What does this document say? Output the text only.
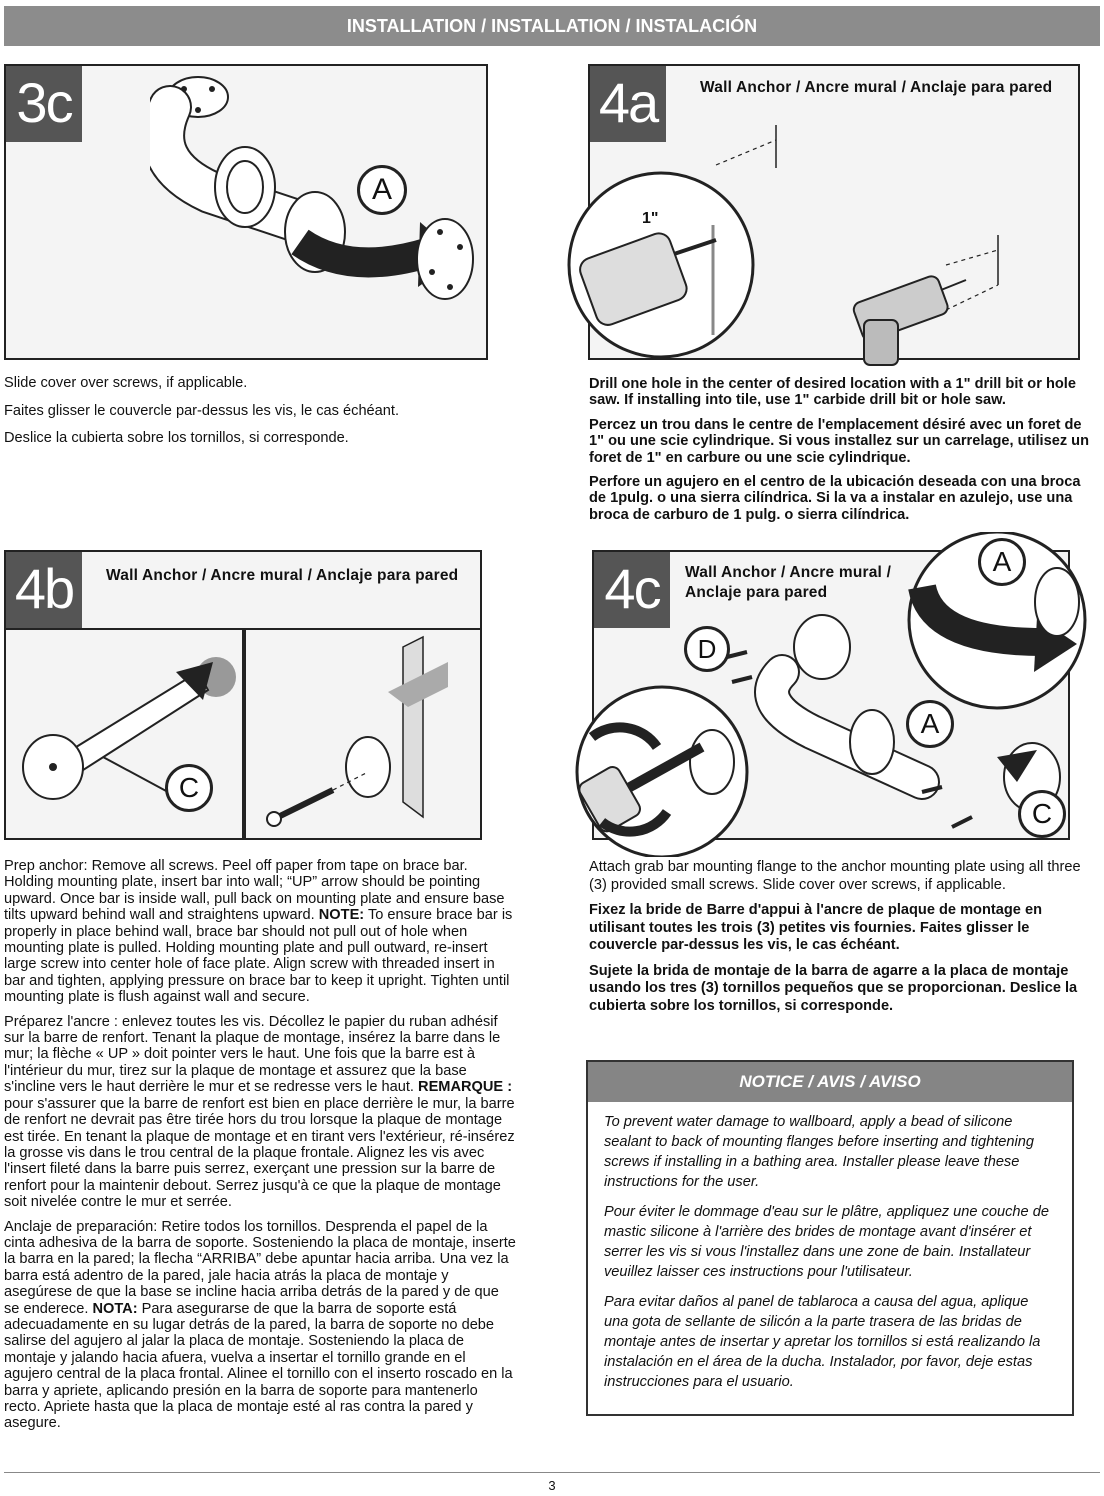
INSTALLATION / INSTALLATION / INSTALACIÓN
3c
A
Slide cover over screws, if applicable.
Faites glisser le couvercle par-dessus les vis, le cas échéant.
Deslice la cubierta sobre los tornillos, si corresponde.
4a	Wall Anchor / Ancre mural / Anclaje para pared
1"
Drill one hole in the center of desired location with a 1" drill bit or hole saw. If installing into tile, use 1" carbide drill bit or hole saw.
Percez un trou dans le centre de l'emplacement désiré avec un foret de 1" ou une scie cylindrique. Si vous installez sur un carrelage, utilisez un foret de 1" en carbure ou une scie cylindrique.
Perfore un agujero en el centro de la ubicación deseada con una broca de 1pulg. o una sierra cilíndrica. Si la va a instalar en azulejo, use una broca de carburo de 1 pulg. o sierra cilíndrica.
4b	Wall Anchor / Ancre mural / Anclaje para pared
C
Prep anchor: Remove all screws. Peel off paper from tape on brace bar. Holding mounting plate, insert bar into wall; “UP” arrow should be pointing upward. Once bar is inside wall, pull back on mounting plate and ensure base tilts upward behind wall and straightens upward. NOTE: To ensure brace bar is properly in place behind wall, brace bar should not pull out of hole when mounting plate is pulled. Holding mounting plate and pull outward, re-insert large screw into center hole of face plate. Align screw with threaded insert in bar and tighten, applying pressure on brace bar to keep it upright. Tighten until mounting plate is flush against wall and secure.
Préparez l'ancre : enlevez toutes les vis. Décollez le papier du ruban adhésif sur la barre de renfort. Tenant la plaque de montage, insérez la barre dans le mur; la flèche « UP » doit pointer vers le haut. Une fois que la barre est à l'intérieur du mur, tirez sur la plaque de montage et assurez que la base s'incline vers le haut derrière le mur et se redresse vers le haut. REMARQUE : pour s'assurer que la barre de renfort est bien en place derrière le mur, la barre de renfort ne devrait pas être tirée hors du trou lorsque la plaque de montage est tirée. En tenant la plaque de montage et en tirant vers l'extérieur, ré-insérez la grosse vis dans le trou central de la plaque frontale. Alignez les vis avec l'insert fileté dans la barre puis serrez, exerçant une pression sur la barre de renfort pour la maintenir debout. Serrez jusqu'à ce que la plaque de montage soit nivelée contre le mur et serrée.
Anclaje de preparación: Retire todos los tornillos. Desprenda el papel de la cinta adhesiva de la barra de soporte. Sosteniendo la placa de montaje, inserte la barra en la pared; la flecha “ARRIBA” debe apuntar hacia arriba. Una vez la barra está adentro de la pared, jale hacia atrás la placa de montaje y asegúrese de que la base se incline hacia arriba detrás de la pared y de que se enderece. NOTA: Para asegurarse de que la barra de soporte está adecuadamente en su lugar detrás de la pared, la barra de soporte no debe salirse del agujero al jalar la placa de montaje. Sosteniendo la placa de montaje y jalando hacia afuera, vuelva a insertar el tornillo grande en el agujero central de la placa frontal. Alinee el tornillo con el inserto roscado en la barra y apriete, aplicando presión en la barra de soporte para mantenerlo recto. Apriete hasta que la placa de montaje esté al ras contra la pared y asegure.
4c	Wall Anchor / Ancre mural / Anclaje para pared
A
D
A
C
Attach grab bar mounting flange to the anchor mounting plate using all three (3) provided small screws. Slide cover over screws, if applicable.
Fixez la bride de Barre d'appui à l'ancre de plaque de montage en utilisant toutes les trois (3) petites vis fournies. Faites glisser le couvercle par-dessus les vis, le cas échéant.
Sujete la brida de montaje de la barra de agarre a la placa de montaje usando los tres (3) tornillos pequeños que se proporcionan. Deslice la cubierta sobre los tornillos, si corresponde.
NOTICE / AVIS / AVISO
To prevent water damage to wallboard, apply a bead of silicone sealant to back of mounting flanges before inserting and tightening screws if installing in a bathing area. Installer please leave these instructions for the user.
Pour éviter le dommage d'eau sur le plâtre, appliquez une couche de mastic silicone à l'arrière des brides de montage avant d'insérer et serrer les vis si vous l'installez dans une zone de bain. Installateur veuillez laisser ces instructions pour l'utilisateur.
Para evitar daños al panel de tablaroca a causa del agua, aplique una gota de sellante de silicón a la parte trasera de las bridas de montaje antes de insertar y apretar los tornillos si está realizando la instalación en el área de la ducha. Instalador, por favor, deje estas instrucciones para el usuario.
3
